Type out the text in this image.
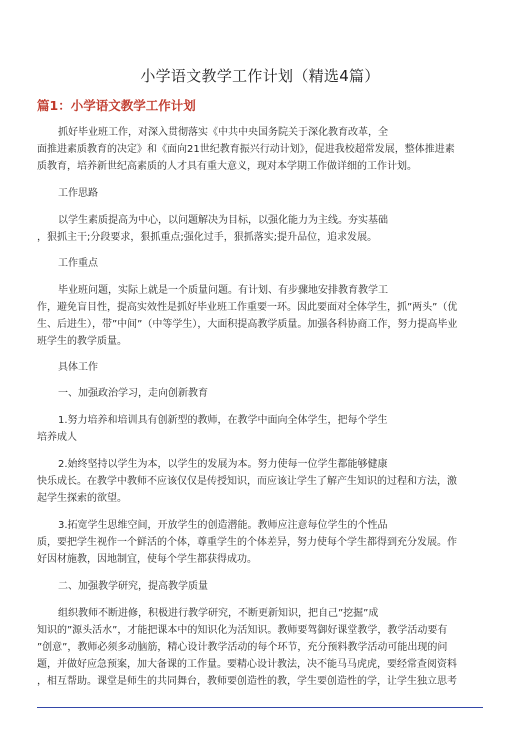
小学语文教学工作计划（精选4篇）
篇1：小学语文教学工作计划
抓好毕业班工作，对深入贯彻落实《中共中央国务院关于深化教育改革，全
面推进素质教育的决定》和《面向21世纪教育振兴行动计划》，促进我校超常发展，整体推进素
质教育，培养新世纪高素质的人才具有重大意义，现对本学期工作做详细的工作计划。
工作思路
以学生素质提高为中心，以问题解决为目标，以强化能力为主线。夯实基础
，狠抓主干;分段要求，狠抓重点;强化过手，狠抓落实;提升品位，追求发展。
工作重点
毕业班问题，实际上就是一个质量问题。有计划、有步骤地安排教育教学工
作，避免盲目性，提高实效性是抓好毕业班工作重要一环。因此要面对全体学生，抓”两头”（优
生、后进生），带”中间”（中等学生），大面积提高教学质量。加强各科协商工作，努力提高毕业
班学生的教学质量。
具体工作
一、加强政治学习，走向创新教育
1.努力培养和培训具有创新型的教师，在教学中面向全体学生，把每个学生
培养成人
2.始终坚持以学生为本，以学生的发展为本。努力使每一位学生都能够健康
快乐成长。在教学中教师不应该仅仅是传授知识，而应该让学生了解产生知识的过程和方法，激
起学生探索的欲望。
3.拓宽学生思维空间，开放学生的创造潜能。教师应注意每位学生的个性品
质，要把学生视作一个鲜活的个体，尊重学生的个体差异，努力使每个学生都得到充分发展。作
好因材施教，因地制宜，使每个学生都获得成功。
二、加强教学研究，提高教学质量
组织教师不断进修，积极进行教学研究，不断更新知识，把自己”挖掘”成
知识的”源头活水”，才能把课本中的知识化为活知识。教师要驾御好课堂教学，教学活动要有
”创意”，教师必须多动脑筋，精心设计教学活动的每个环节，充分预料教学活动可能出现的问
题，并做好应急预案，加大备课的工作量。要精心设计教法，决不能马马虎虎，要经常查阅资料
，相互帮助。课堂是师生的共同舞台，教师要创造性的教，学生要创造性的学，让学生独立思考
